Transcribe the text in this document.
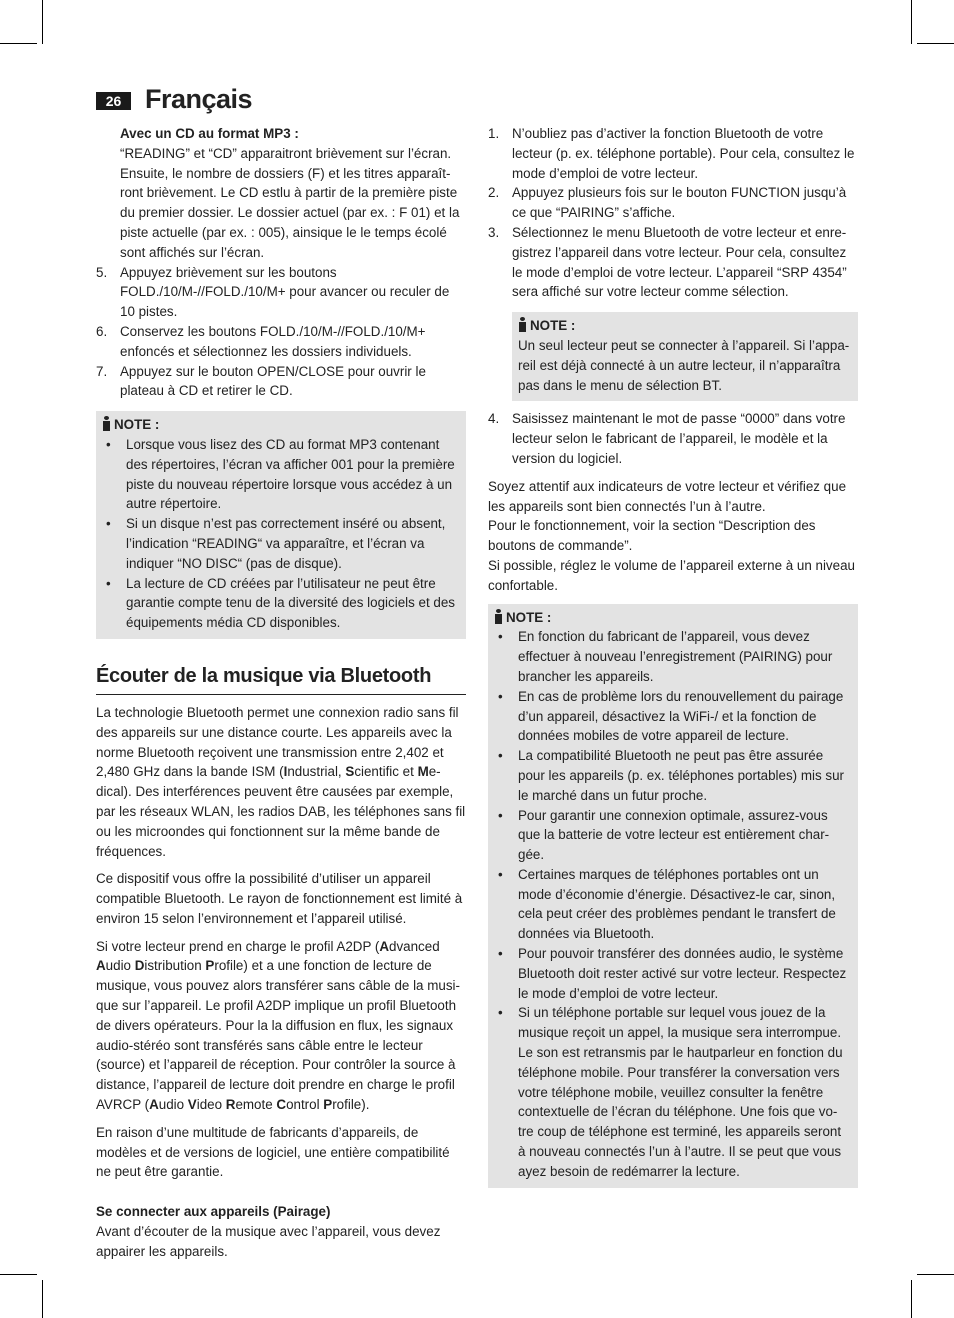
26 Français

Avec un CD au format MP3 :

“READING” et “CD” apparaitront brièvement sur l’écran. Ensuite, le nombre de dossiers (F) et les titres apparaît-ront brièvement. Le CD estlu à partir de la première piste du premier dossier. Le dossier actuel (par ex. : F 01) et la piste actuelle (par ex. : 005), ainsique le le temps écolé sont affichés sur l’écran.

5. Appuyez brièvement sur les boutons FOLD./10/M-//FOLD./10/M+ pour avancer ou reculer de 10 pistes.
6. Conservez les boutons FOLD./10/M-//FOLD./10/M+ enfoncés et sélectionnez les dossiers individuels.
7. Appuyez sur le bouton OPEN/CLOSE pour ouvrir le plateau à CD et retirer le CD.
NOTE :
• Lorsque vous lisez des CD au format MP3 contenant des répertoires, l’écran va afficher 001 pour la première piste du nouveau répertoire lorsque vous accédez à un autre répertoire.
• Si un disque n’est pas correctement inséré ou absent, l’indication “READING“ va apparaître, et l’écran va indiquer “NO DISC“ (pas de disque).
• La lecture de CD créées par l’utilisateur ne peut être garantie compte tenu de la diversité des logiciels et des équipements média CD disponibles.
Écouter de la musique via Bluetooth

La technologie Bluetooth permet une connexion radio sans fil des appareils sur une distance courte. Les appareils avec la norme Bluetooth reçoivent une transmission entre 2,402 et 2,480 GHz dans la bande ISM (Industrial, Scientific et Me-dical). Des interférences peuvent être causées par exemple, par les réseaux WLAN, les radios DAB, les téléphones sans fil ou les microondes qui fonctionnent sur la même bande de fréquences.

Ce dispositif vous offre la possibilité d’utiliser un appareil compatible Bluetooth. Le rayon de fonctionnement est limité à environ 15 selon l’environnement et l’appareil utilisé.

Si votre lecteur prend en charge le profil A2DP (Advanced Audio Distribution Profile) et a une fonction de lecture de musique, vous pouvez alors transférer sans câble de la musi-que sur l’appareil. Le profil A2DP implique un profil Bluetooth de divers opérateurs. Pour la la diffusion en flux, les signaux audio-stéréo sont transférés sans câble entre le lecteur (source) et l’appareil de réception. Pour contrôler la source à distance, l’appareil de lecture doit prendre en charge le profil AVRCP (Audio Video Remote Control Profile).

En raison d’une multitude de fabricants d’appareils, de modèles et de versions de logiciel, une entière compatibilité ne peut être garantie.

Se connecter aux appareils (Pairage)

Avant d’écouter de la musique avec l’appareil, vous devez appairer les appareils.

1. N’oubliez pas d’activer la fonction Bluetooth de votre lecteur (p. ex. téléphone portable). Pour cela, consultez le mode d’emploi de votre lecteur.
2. Appuyez plusieurs fois sur le bouton FUNCTION jusqu’à ce que “PAIRING” s’affiche.
3. Sélectionnez le menu Bluetooth de votre lecteur et enre-gistrez l’appareil dans votre lecteur. Pour cela, consultez le mode d’emploi de votre lecteur. L’appareil “SRP 4354” sera affiché sur votre lecteur comme sélection.
NOTE :

Un seul lecteur peut se connecter à l’appareil. Si l’appa-reil est déjà connecté à un autre lecteur, il n’apparaîtra pas dans le menu de sélection BT.

4. Saisissez maintenant le mot de passe “0000” dans votre lecteur selon le fabricant de l’appareil, le modèle et la version du logiciel.

Soyez attentif aux indicateurs de votre lecteur et vérifiez que les appareils sont bien connectés l’un à l’autre.

Pour le fonctionnement, voir la section “Description des boutons de commande”.

Si possible, réglez le volume de l’appareil externe à un niveau confortable.

NOTE :
• En fonction du fabricant de l’appareil, vous devez effectuer à nouveau l’enregistrement (PAIRING) pour brancher les appareils.
• En cas de problème lors du renouvellement du pairage d’un appareil, désactivez la WiFi-/ et la fonction de données mobiles de votre appareil de lecture.
• La compatibilité Bluetooth ne peut pas être assurée pour les appareils (p. ex. téléphones portables) mis sur le marché dans un futur proche.
• Pour garantir une connexion optimale, assurez-vous que la batterie de votre lecteur est entièrement char-gée.
• Certaines marques de téléphones portables ont un mode d’économie d’énergie. Désactivez-le car, sinon, cela peut créer des problèmes pendant le transfert de données via Bluetooth.
• Pour pouvoir transférer des données audio, le système Bluetooth doit rester activé sur votre lecteur. Respectez le mode d’emploi de votre lecteur.
• Si un téléphone portable sur lequel vous jouez de la musique reçoit un appel, la musique sera interrompue. Le son est retransmis par le hautparleur en fonction du téléphone mobile. Pour transférer la conversation vers votre téléphone mobile, veuillez consulter la fenêtre contextuelle de l’écran du téléphone. Une fois que vo-tre coup de téléphone est terminé, les appareils seront à nouveau connectés l’un à l’autre. Il se peut que vous ayez besoin de redémarrer la lecture.
